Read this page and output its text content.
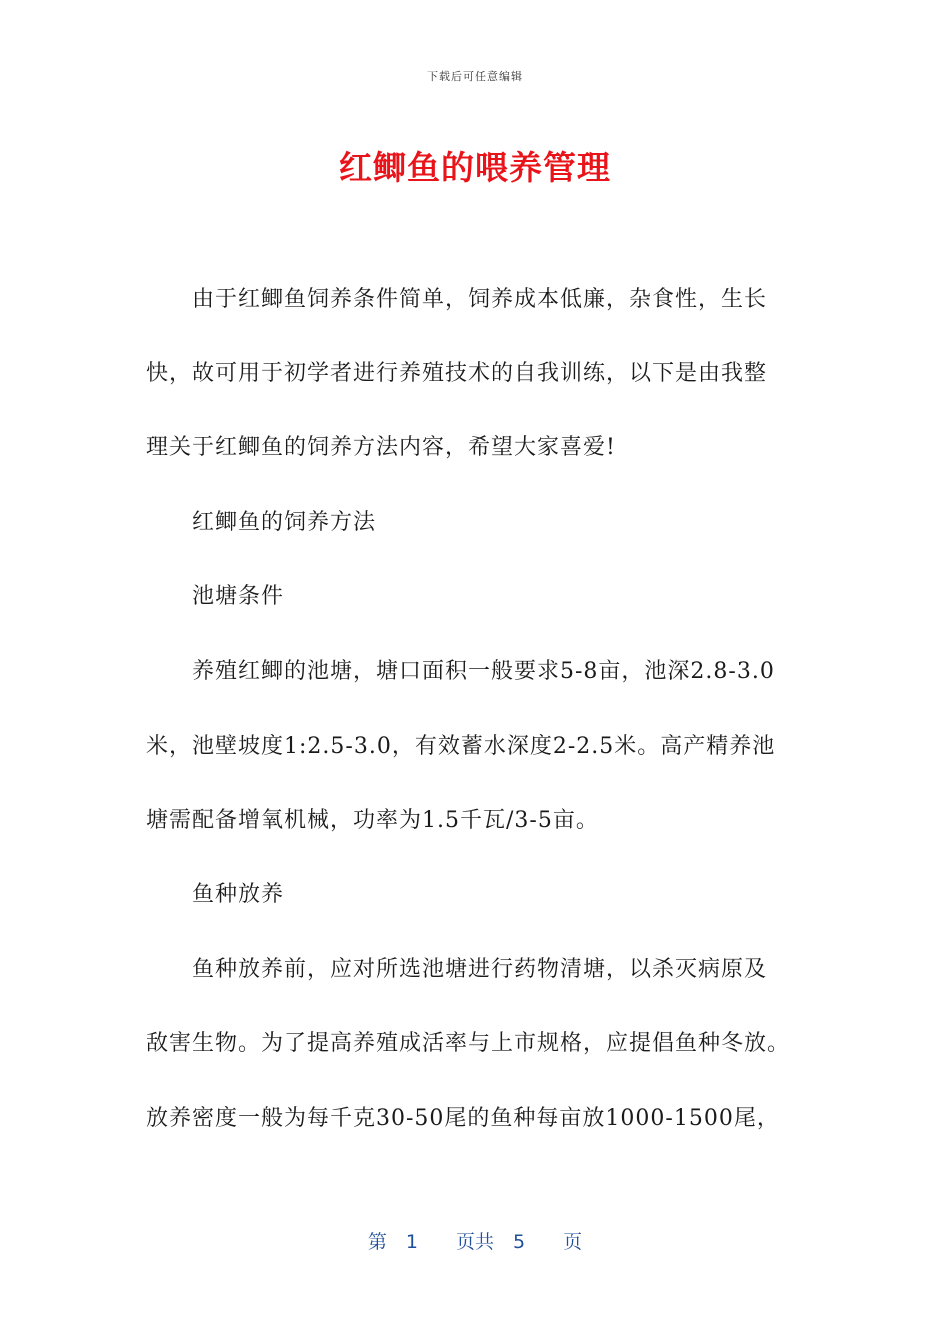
下载后可任意编辑
红鲫鱼的喂养管理
　　由于红鲫鱼饲养条件简单，饲养成本低廉，杂食性，生长
快，故可用于初学者进行养殖技术的自我训练，以下是由我整
理关于红鲫鱼的饲养方法内容，希望大家喜爱!
　　红鲫鱼的饲养方法
　　池塘条件
　　养殖红鲫的池塘，塘口面积一般要求5-8亩，池深2.8-3.0
米，池壁坡度1:2.5-3.0，有效蓄水深度2-2.5米。高产精养池
塘需配备增氧机械，功率为1.5千瓦/3-5亩。
　　鱼种放养
　　鱼种放养前，应对所选池塘进行药物清塘，以杀灭病原及
敌害生物。为了提高养殖成活率与上市规格，应提倡鱼种冬放。
放养密度一般为每千克30-50尾的鱼种每亩放1000-1500尾，
第　1　　页共　5　　页
